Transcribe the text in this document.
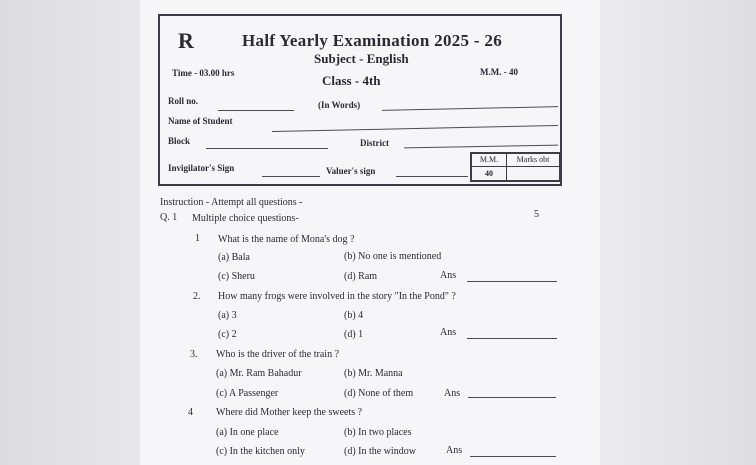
R	Half Yearly Examination 2025 - 26
Subject - English
Time - 03.00 hrs	Class - 4th
M.M. - 40
Roll no.	(In Words)
Name of Student
Block	District
Invigilator's Sign	Valuer's sign
M.M.	Marks obt
40
Instruction - Attempt all questions -
Q. 1 Multiple choice questions-	5
1 What is the name of Mona's dog ?
(a) Bala	(b) No one is mentioned
(c) Sheru	(d) Ram	Ans
2. How many frogs were involved in the story "In the Pond" ?
(a) 3	(b) 4
(c) 2	(d) 1	Ans
3. Who is the driver of the train ?
(a) Mr. Ram Bahadur	(b) Mr. Manna
(c) A Passenger	(d) None of them	Ans
4 Where did Mother keep the sweets ?
(a) In one place	(b) In two places
(c) In the kitchen only	(d) In the window	Ans
